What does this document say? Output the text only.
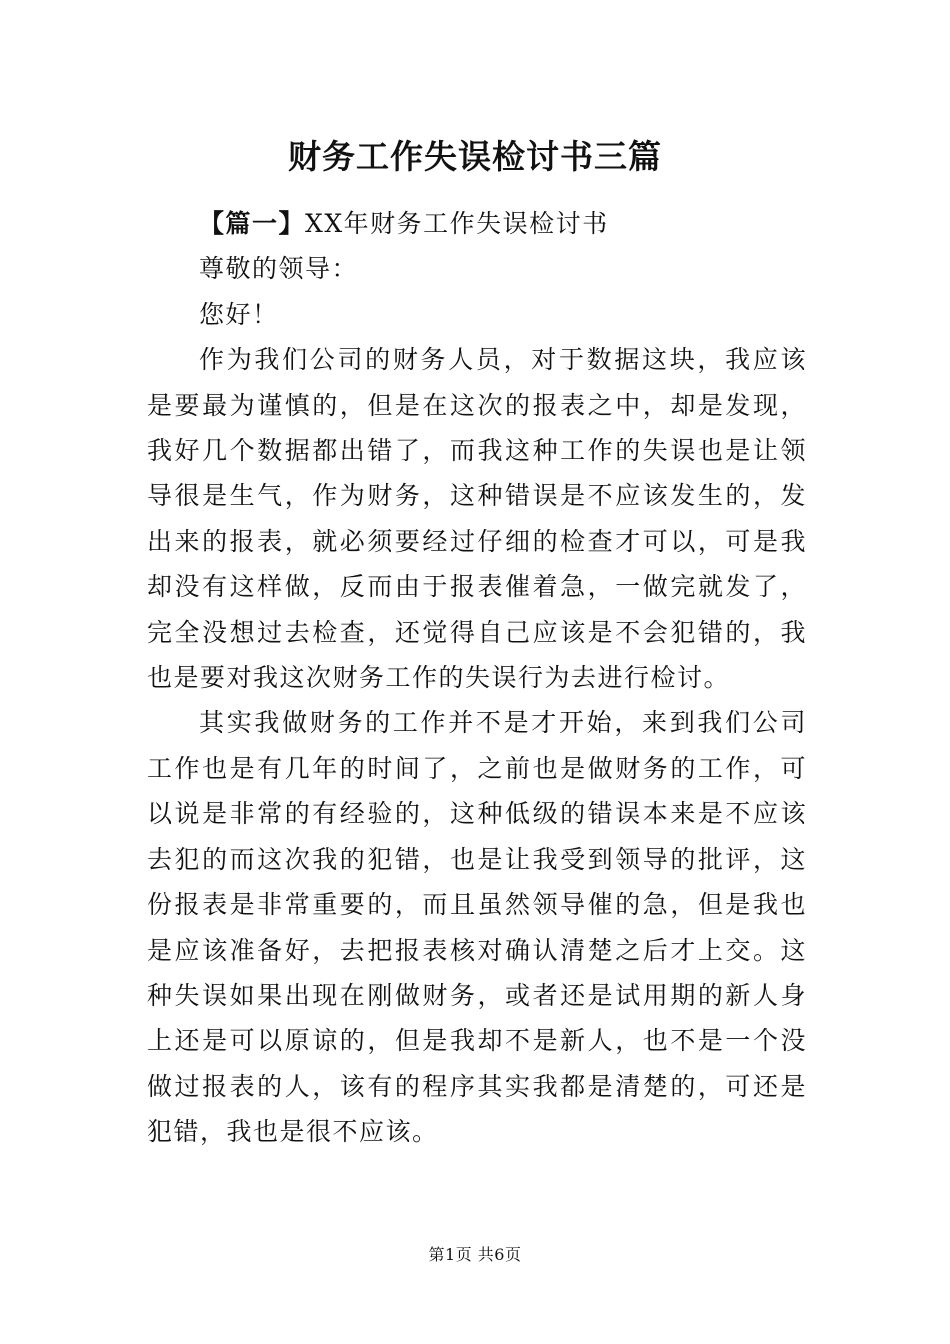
财务工作失误检讨书三篇

【篇一】XX年财务工作失误检讨书

尊敬的领导：

您好！

作为我们公司的财务人员，对于数据这块，我应该是要最为谨慎的，但是在这次的报表之中，却是发现，我好几个数据都出错了，而我这种工作的失误也是让领导很是生气，作为财务，这种错误是不应该发生的，发出来的报表，就必须要经过仔细的检查才可以，可是我却没有这样做，反而由于报表催着急，一做完就发了，完全没想过去检查，还觉得自己应该是不会犯错的，我也是要对我这次财务工作的失误行为去进行检讨。

其实我做财务的工作并不是才开始，来到我们公司工作也是有几年的时间了，之前也是做财务的工作，可以说是非常的有经验的，这种低级的错误本来是不应该去犯的而这次我的犯错，也是让我受到领导的批评，这份报表是非常重要的，而且虽然领导催的急，但是我也是应该准备好，去把报表核对确认清楚之后才上交。这种失误如果出现在刚做财务，或者还是试用期的新人身上还是可以原谅的，但是我却不是新人，也不是一个没做过报表的人，该有的程序其实我都是清楚的，可还是犯错，我也是很不应该。

第1页 共6页
